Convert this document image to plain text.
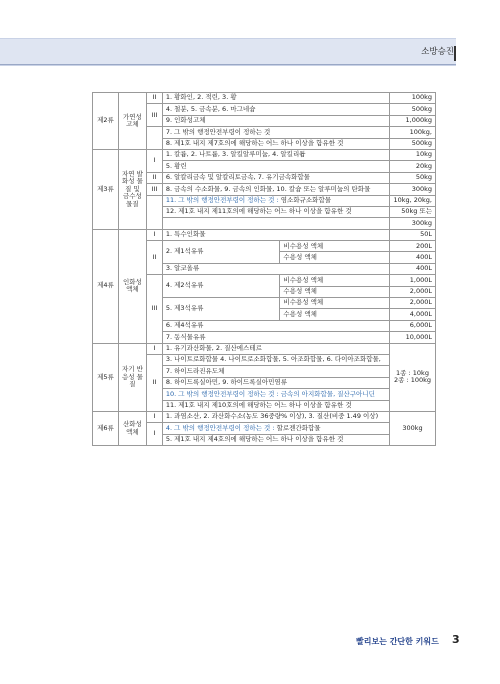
소방승진
제2류	가연성 고체	II	1. 황화인, 2. 적린, 3. 황		100kg
		III	4. 철분, 5. 금속분, 6. 마그네슘		500kg
			9. 인화성고체		1,000kg
			7. 그 밖의 행정안전부령이 정하는 것		100kg,
			8. 제1호 내지 제7호의에 해당하는 어느 하나 이상을 함유한 것		500kg
제3류	자연 발화성 물질 및 금수성 물질	I	1. 칼륨, 2. 나트륨, 3. 알킬알루미늄, 4. 알킬리튬		10kg
			5. 황린		20kg
		II	6. 알칼리금속 및 알칼리토금속, 7. 유기금속화합물		50kg
		III	8. 금속의 수소화물, 9. 금속의 인화물, 10. 칼슘 또는 알루미늄의 탄화물		300kg
			11. 그 밖의 행정안전부령이 정하는 것 : 염소화규소화합물		10kg, 20kg,
			12. 제1호 내지 제11호의에 해당하는 어느 하나 이상을 함유한 것		50kg 또는
					300kg
제4류	인화성 액체	I	1. 특수인화물		50L
		II	2. 제1석유류	비수용성 액체	200L
				수용성 액체	400L
			3. 알코올류		400L
		III	4. 제2석유류	비수용성 액체	1,000L
				수용성 액체	2,000L
			5. 제3석유류	비수용성 액체	2,000L
				수용성 액체	4,000L
			6. 제4석유류		6,000L
			7. 동식물유류		10,000L
제5류	자기 반응성 물질	I	1. 유기과산화물, 2. 질산에스테르		1종 : 10kg
2종 : 100kg

		II	3. 나이트로화합물 4. 나이트로소화합물, 5. 아조화합물, 6. 다이아조화합물,		
			7. 하이드라진유도체		
			8. 하이드록실아민, 9. 하이드록실아민염류		
			10. 그 밖의 행정안전부령이 정하는 것 : 금속의 아지화합물, 질산구아니딘		
			11. 제1호 내지 제10호의에 해당하는 어느 하나 이상을 함유한 것		
제6류	산화성 액체	I	1. 과염소산, 2. 과산화수소(농도 36중량% 이상), 3. 질산(비중 1.49 이상)		300kg
		I	4. 그 밖의 행정안전부령이 정하는 것 : 할로젠간화합물		
			5. 제1호 내지 제4호의에 해당하는 어느 하나 이상을 함유한 것		
빨리보는 간단한 키워드 3
